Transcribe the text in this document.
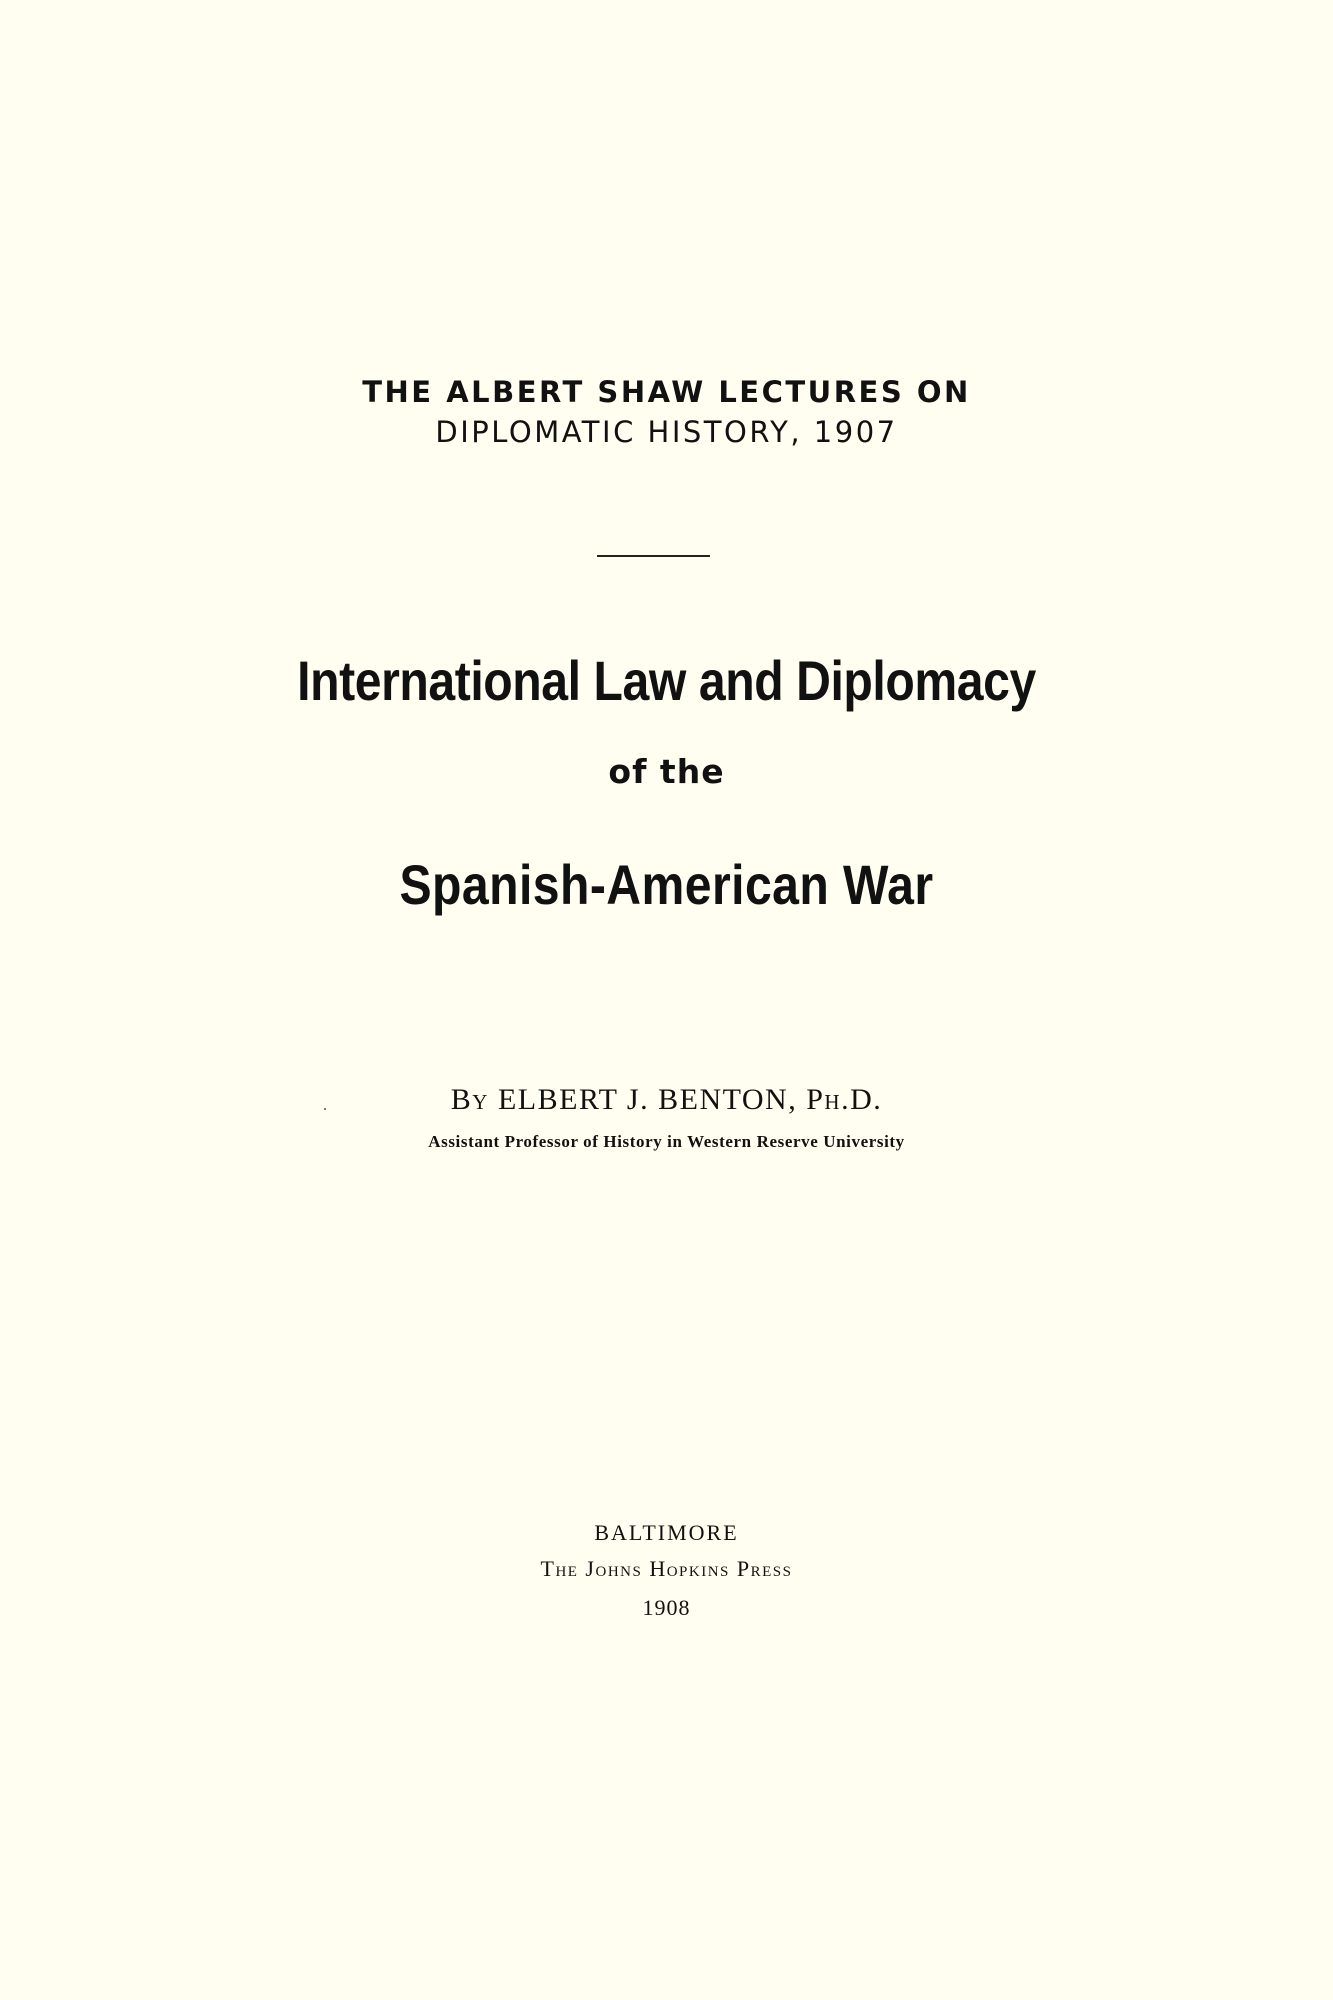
THE ALBERT SHAW LECTURES ON
DIPLOMATIC HISTORY, 1907
International Law and Diplomacy
of the
Spanish-American War
By ELBERT J. BENTON, Ph.D.
Assistant Professor of History in Western Reserve University
BALTIMORE
The Johns Hopkins Press
1908
